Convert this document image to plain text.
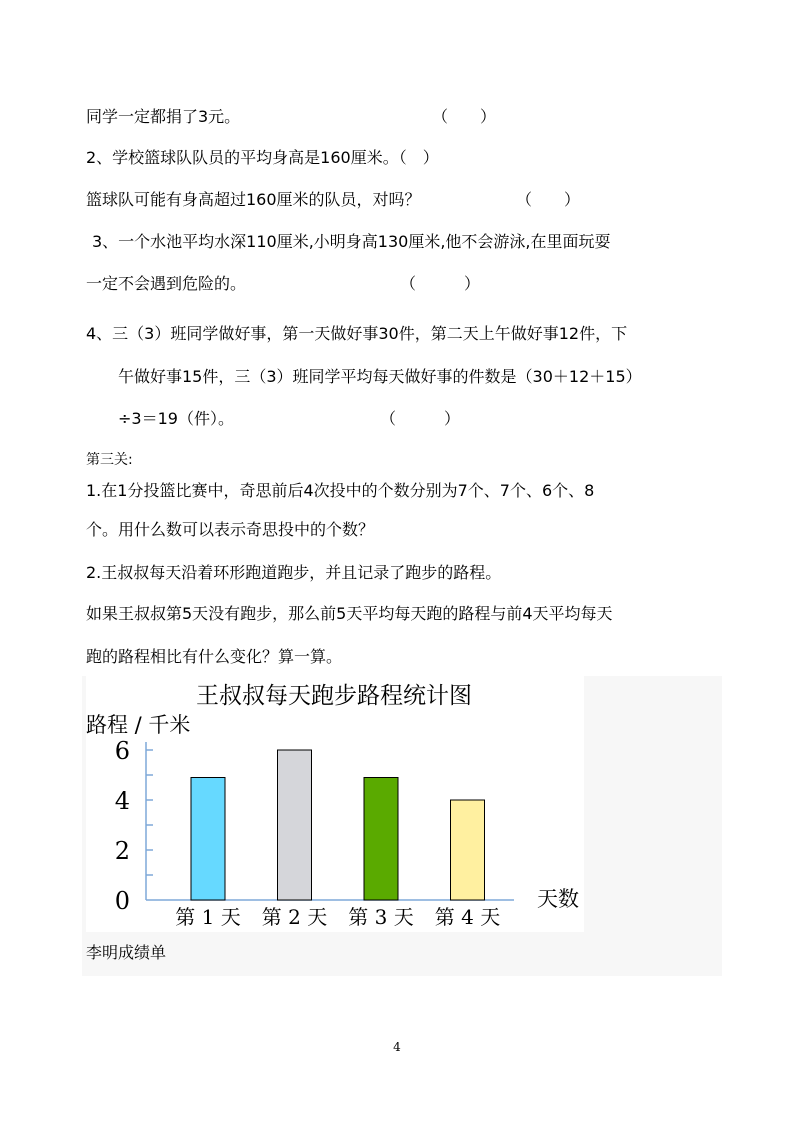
同学一定都捐了3元。	（　　）
2、学校篮球队队员的平均身高是160厘米。（　）
篮球队可能有身高超过160厘米的队员，对吗？	（　　）
3、一个水池平均水深110厘米,小明身高130厘米,他不会游泳,在里面玩耍
一定不会遇到危险的。	（　　　）
4、三（3）班同学做好事，第一天做好事30件，第二天上午做好事12件，下
午做好事15件，三（3）班同学平均每天做好事的件数是（30＋12＋15）
÷3＝19（件）。	（　　　）
第三关:
1.在1分投篮比赛中，奇思前后4次投中的个数分别为7个、7个、6个、8
个。用什么数可以表示奇思投中的个数？
2.王叔叔每天沿着环形跑道跑步，并且记录了跑步的路程。
如果王叔叔第5天没有跑步，那么前5天平均每天跑的路程与前4天平均每天
跑的路程相比有什么变化？算一算。
王叔叔每天跑步路程统计图
路程 / 千米
天数
第 1 天 第 2 天 第 3 天 第 4 天
0
2
4
6
李明成绩单
4
